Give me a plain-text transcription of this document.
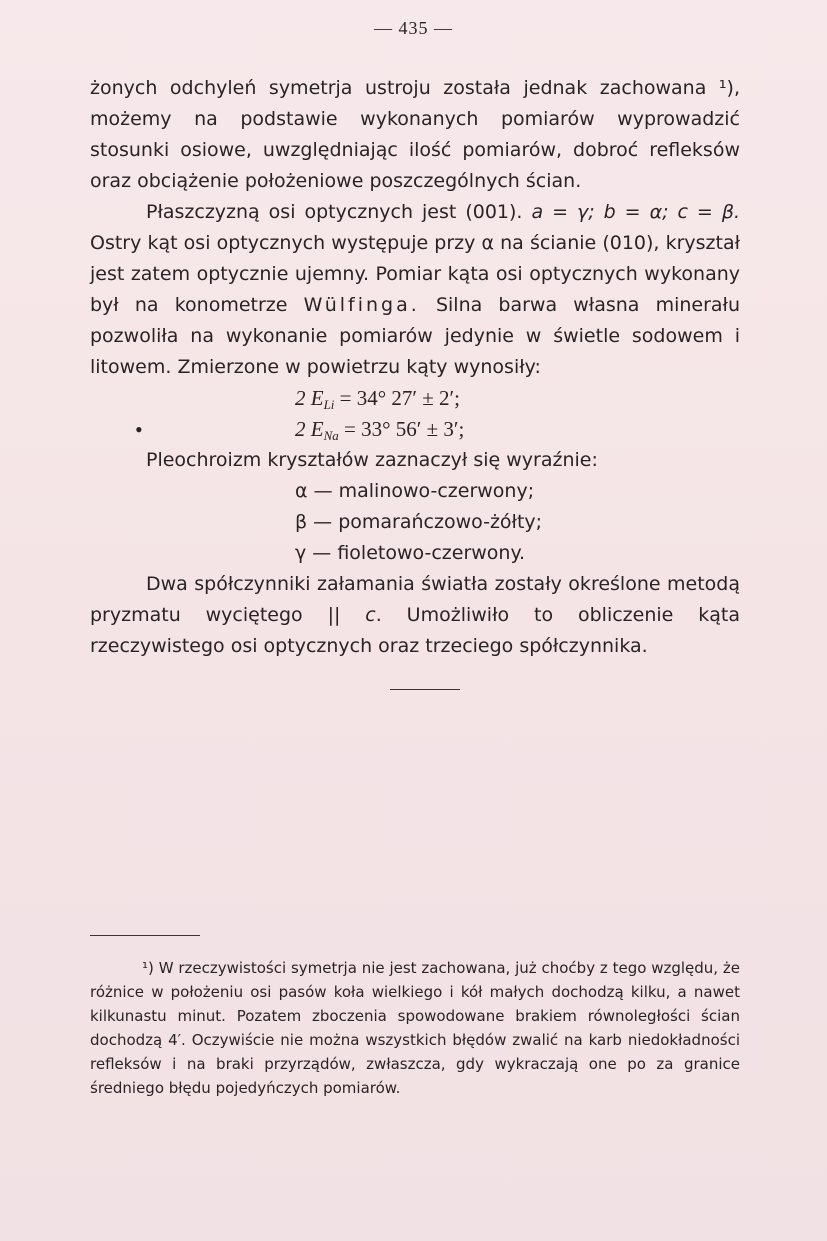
— 435 —

żonych odchyleń symetrja ustroju została jednak zachowana ¹), możemy na podstawie wykonanych pomiarów wyprowadzić stosunki osiowe, uwzględniając ilość pomiarów, dobroć refleksów oraz obciążenie położeniowe poszczególnych ścian.

Płaszczyzną osi optycznych jest (001). a = γ; b = α; c = β. Ostry kąt osi optycznych występuje przy α na ścianie (010), kryształ jest zatem optycznie ujemny. Pomiar kąta osi optycznych wykonany był na konometrze Wülfinga. Silna barwa własna minerału pozwoliła na wykonanie pomiarów jedynie w świetle sodowem i litowem. Zmierzone w powietrzu kąty wynosiły:

2 $E_{Li} = 34^\circ$ 27′ ± 2′;
•	2 $E_{Na} = 33^\circ$ 56′ ± 3′;

Pleochroizm kryształów zaznaczył się wyraźnie:

α — malinowo-czerwony;

β — pomarańczowo-żółty;

γ — fioletowo-czerwony.

Dwa spółczynniki załamania światła zostały określone metodą pryzmatu wyciętego || c. Umożliwiło to obliczenie kąta rzeczywistego osi optycznych oraz trzeciego spółczynnika.

¹) W rzeczywistości symetrja nie jest zachowana, już choćby z tego względu, że różnice w położeniu osi pasów koła wielkiego i kół małych dochodzą kilku, a nawet kilkunastu minut. Pozatem zboczenia spowodowane brakiem równoległości ścian dochodzą 4′. Oczywiście nie można wszystkich błędów zwalić na karb niedokładności refleksów i na braki przyrządów, zwłaszcza, gdy wykraczają one po za granice średniego błędu pojedyńczych pomiarów.
